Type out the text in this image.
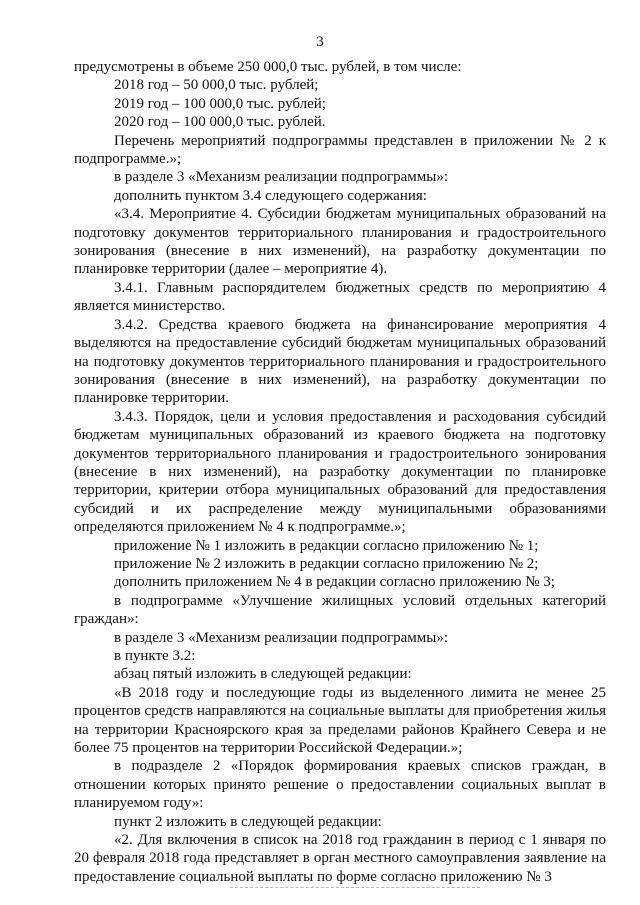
3

предусмотрены в объеме 250 000,0 тыс. рублей, в том числе:

2018 год – 50 000,0 тыс. рублей;

2019 год – 100 000,0 тыс. рублей;

2020 год – 100 000,0 тыс. рублей.

Перечень мероприятий подпрограммы представлен в приложении № 2 к подпрограмме.»;

в разделе 3 «Механизм реализации подпрограммы»:

дополнить пунктом 3.4 следующего содержания:

«3.4. Мероприятие 4. Субсидии бюджетам муниципальных образований на подготовку документов территориального планирования и градостроительного зонирования (внесение в них изменений), на разработку документации по планировке территории (далее – мероприятие 4).

3.4.1. Главным распорядителем бюджетных средств по мероприятию 4 является министерство.

3.4.2. Средства краевого бюджета на финансирование мероприятия 4 выделяются на предоставление субсидий бюджетам муниципальных образований на подготовку документов территориального планирования и градостроительного зонирования (внесение в них изменений), на разработку документации по планировке территории.

3.4.3. Порядок, цели и условия предоставления и расходования субсидий бюджетам муниципальных образований из краевого бюджета на подготовку документов территориального планирования и градостроительного зонирования (внесение в них изменений), на разработку документации по планировке территории, критерии отбора муниципальных образований для предоставления субсидий и их распределение между муниципальными образованиями определяются приложением № 4 к подпрограмме.»;

приложение № 1 изложить в редакции согласно приложению № 1;

приложение № 2 изложить в редакции согласно приложению № 2;

дополнить приложением № 4 в редакции согласно приложению № 3;

в подпрограмме «Улучшение жилищных условий отдельных категорий граждан»:

в разделе 3 «Механизм реализации подпрограммы»:

в пункте 3.2:

абзац пятый изложить в следующей редакции:

«В 2018 году и последующие годы из выделенного лимита не менее 25 процентов средств направляются на социальные выплаты для приобретения жилья на территории Красноярского края за пределами районов Крайнего Севера и не более 75 процентов на территории Российской Федерации.»;

в подразделе 2 «Порядок формирования краевых списков граждан, в отношении которых принято решение о предоставлении социальных выплат в планируемом году»:

пункт 2 изложить в следующей редакции:

«2. Для включения в список на 2018 год гражданин в период с 1 января по 20 февраля 2018 года представляет в орган местного самоуправления заявление на предоставление социальной выплаты по форме согласно приложению № 3
